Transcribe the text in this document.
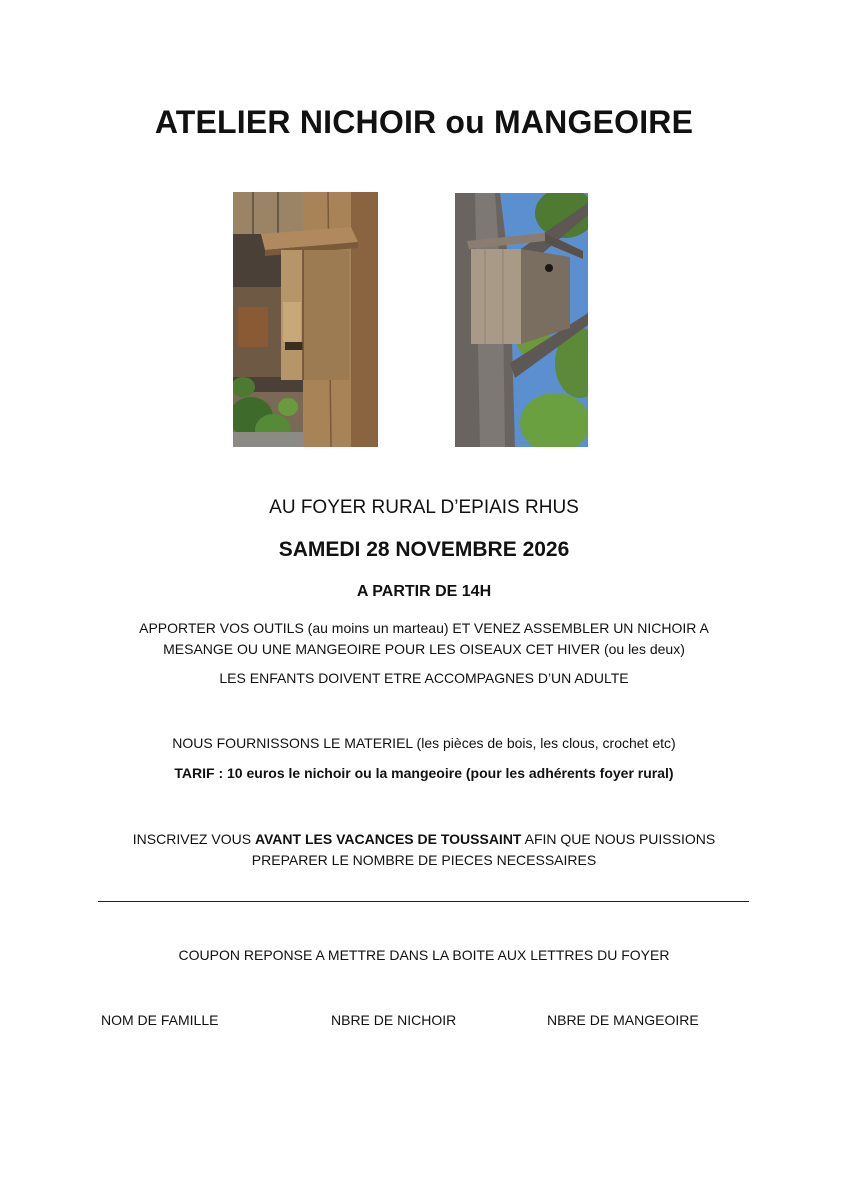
ATELIER NICHOIR ou MANGEOIRE
AU FOYER RURAL D’EPIAIS RHUS
SAMEDI 28 NOVEMBRE 2026
A PARTIR DE 14H
APPORTER VOS OUTILS (au moins un marteau) ET VENEZ ASSEMBLER UN NICHOIR A
MESANGE OU UNE MANGEOIRE POUR LES OISEAUX CET HIVER (ou les deux)
LES ENFANTS DOIVENT ETRE ACCOMPAGNES D’UN ADULTE
NOUS FOURNISSONS LE MATERIEL (les pièces de bois, les clous, crochet etc)
TARIF : 10 euros le nichoir ou la mangeoire (pour les adhérents foyer rural)
INSCRIVEZ VOUS AVANT LES VACANCES DE TOUSSAINT AFIN QUE NOUS PUISSIONS
PREPARER LE NOMBRE DE PIECES NECESSAIRES
COUPON REPONSE A METTRE DANS LA BOITE AUX LETTRES DU FOYER
NOM DE FAMILLE	NBRE DE NICHOIR	NBRE DE MANGEOIRE
